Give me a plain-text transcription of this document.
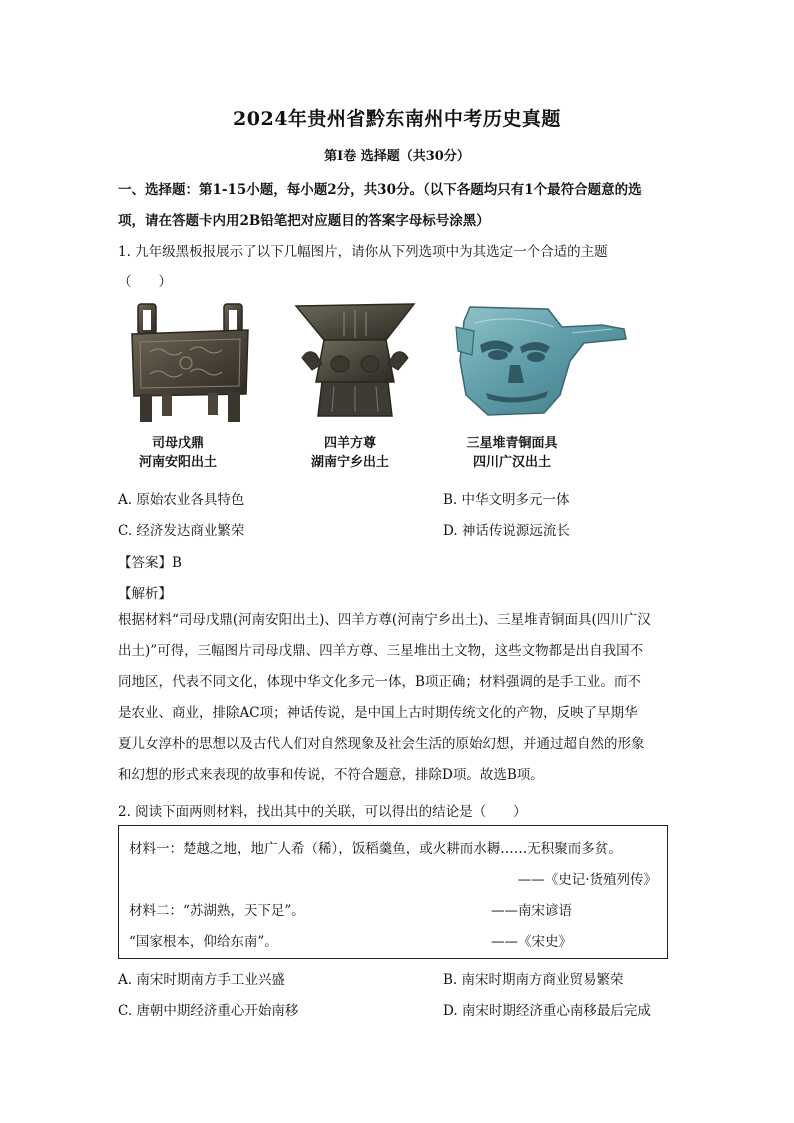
2024年贵州省黔东南州中考历史真题
第I卷 选择题（共30分）
一、选择题：第1-15小题，每小题2分，共30分。（以下各题均只有1个最符合题意的选
项，请在答题卡内用2B铅笔把对应题目的答案字母标号涂黑）
1. 九年级黑板报展示了以下几幅图片，请你从下列选项中为其选定一个合适的主题
（　　）
司母戊鼎
河南安阳出土
四羊方尊
湖南宁乡出土
三星堆青铜面具
四川广汉出土
A. 原始农业各具特色	B. 中华文明多元一体
C. 经济发达商业繁荣	D. 神话传说源远流长
【答案】B
【解析】
根据材料“司母戊鼎(河南安阳出土)、四羊方尊(河南宁乡出土)、三星堆青铜面具(四川广汉
出土)”可得，三幅图片司母戊鼎、四羊方尊、三星堆出土文物，这些文物都是出自我国不
同地区，代表不同文化，体现中华文化多元一体，B项正确；材料强调的是手工业。而不
是农业、商业，排除AC项；神话传说，是中国上古时期传统文化的产物，反映了早期华
夏儿女淳朴的思想以及古代人们对自然现象及社会生活的原始幻想，并通过超自然的形象
和幻想的形式来表现的故事和传说，不符合题意，排除D项。故选B项。
2. 阅读下面两则材料，找出其中的关联，可以得出的结论是（　　）
材料一：楚越之地，地广人希（稀），饭稻羹鱼，或火耕而水耨……无积聚而多贫。
——《史记·货殖列传》
材料二：“苏湖熟，天下足”。	——南宋谚语
“国家根本，仰给东南”。	——《宋史》
A. 南宋时期南方手工业兴盛	B. 南宋时期南方商业贸易繁荣
C. 唐朝中期经济重心开始南移	D. 南宋时期经济重心南移最后完成
